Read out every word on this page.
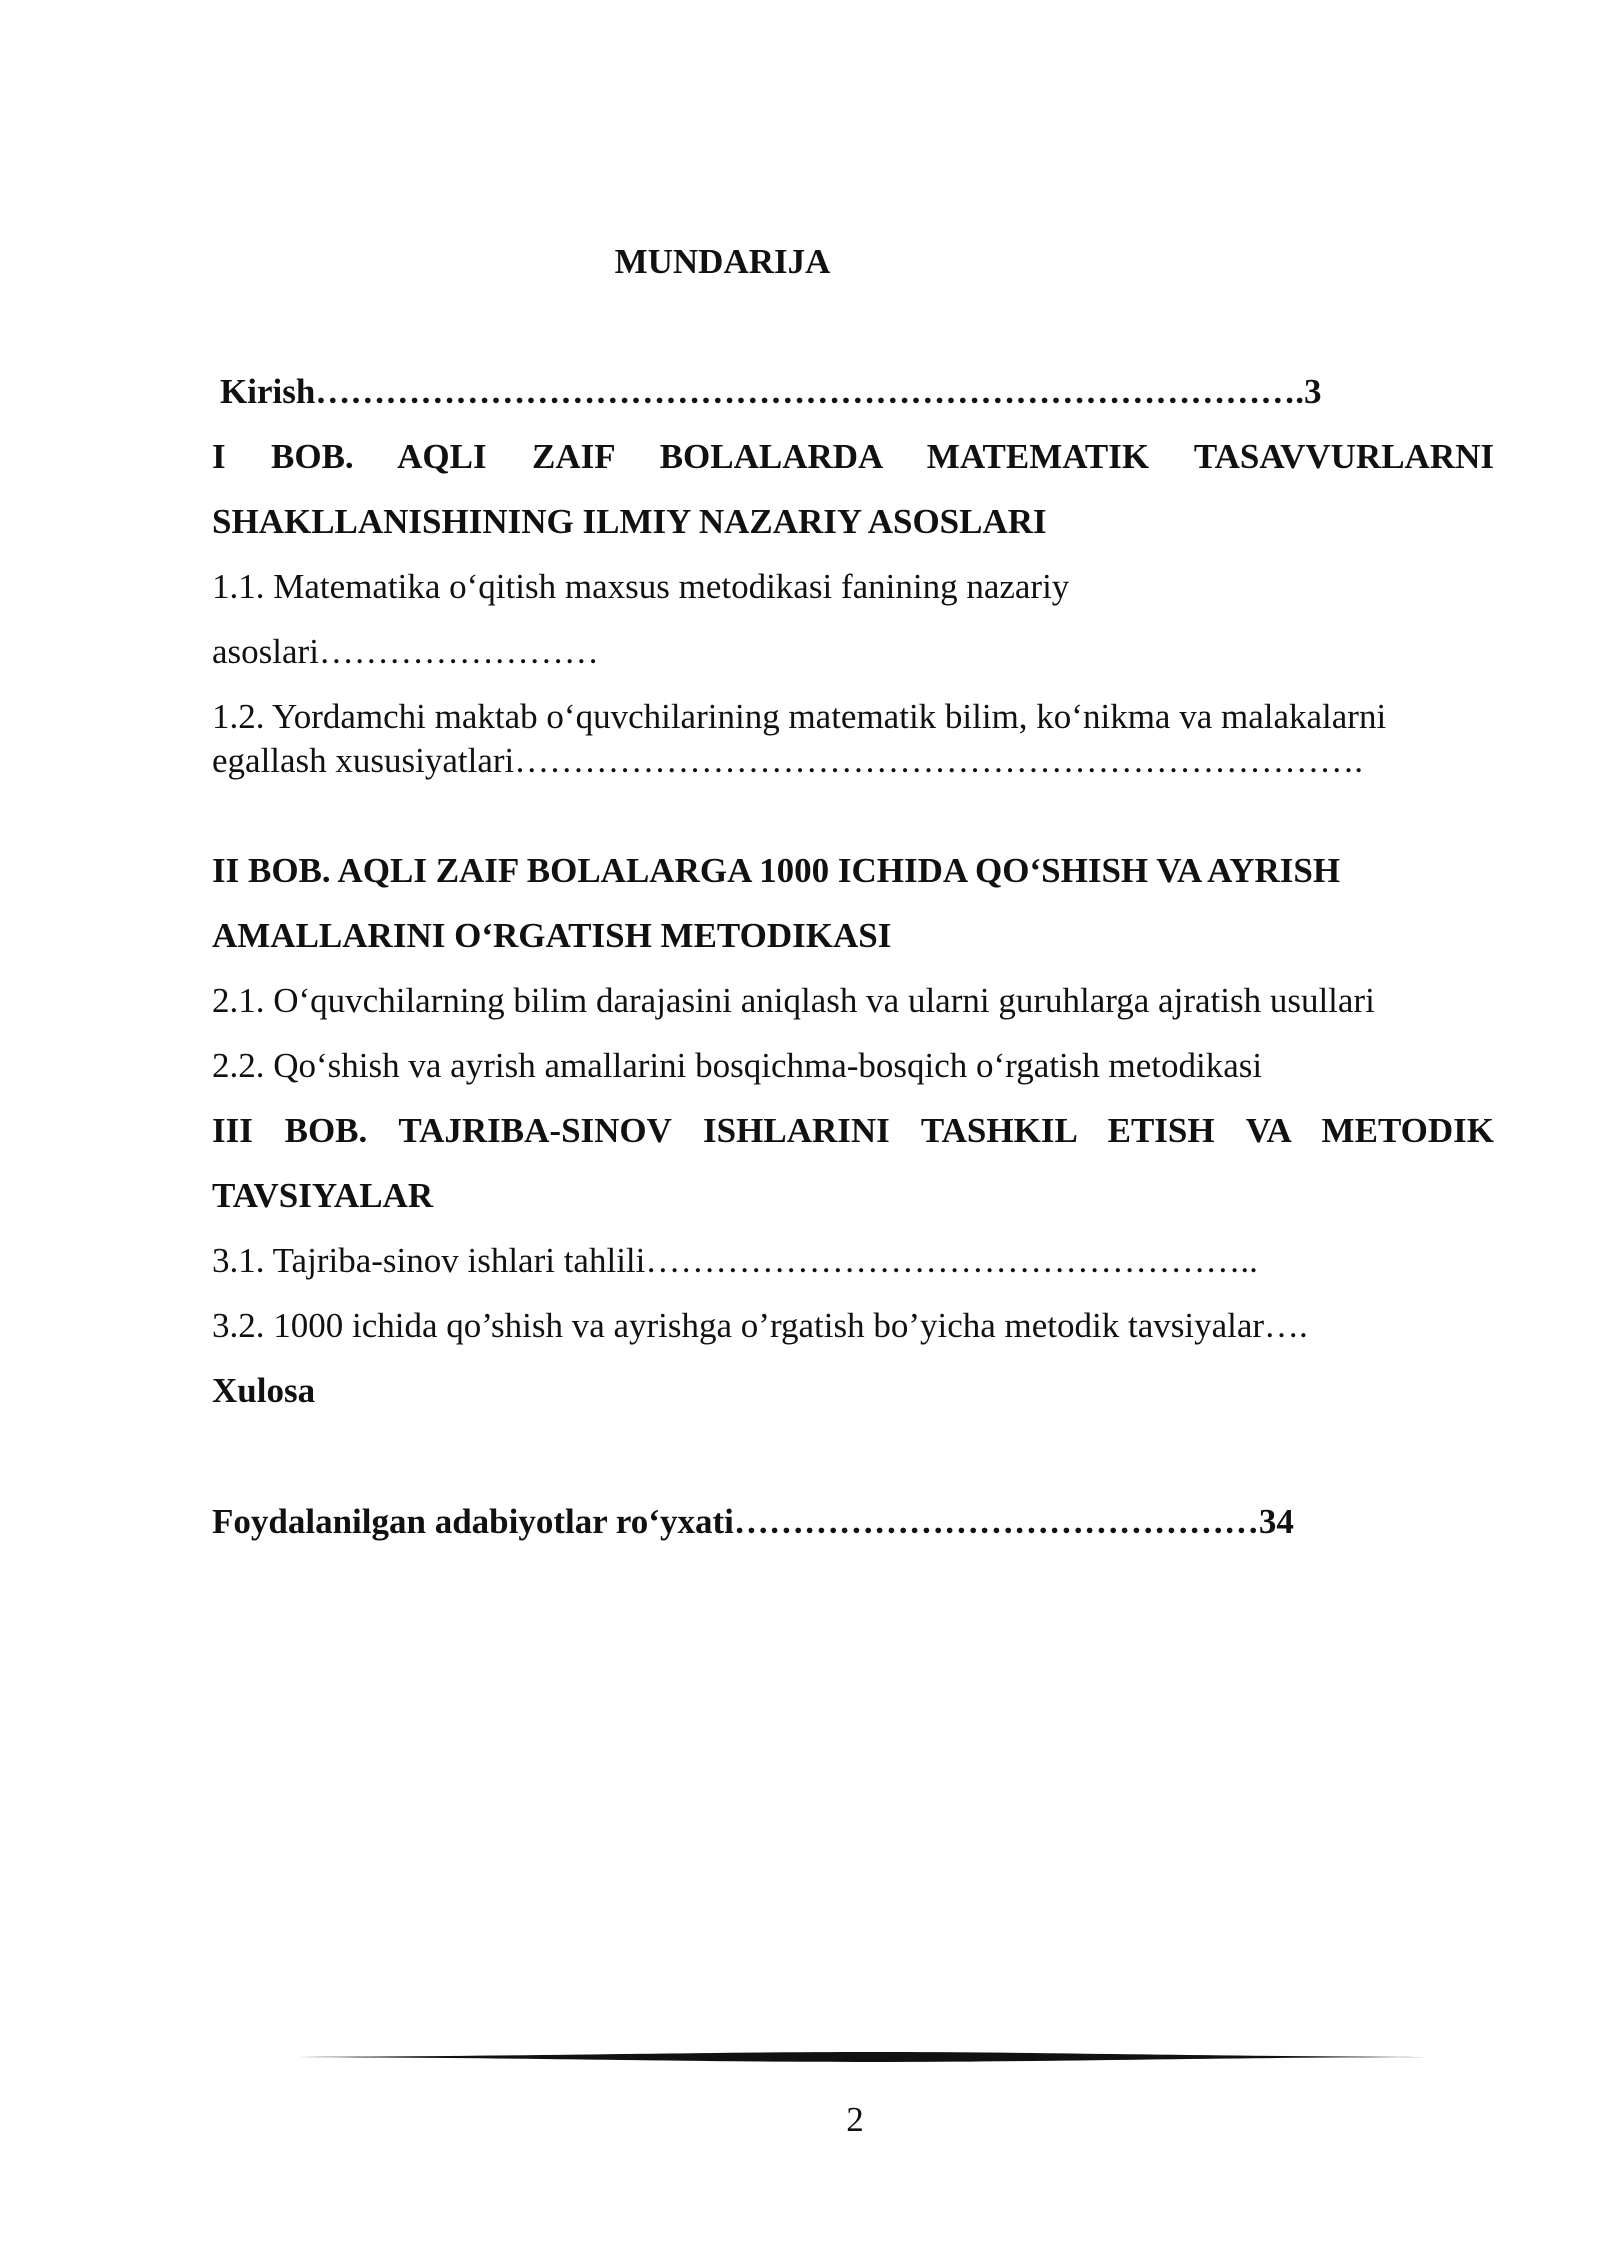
MUNDARIJA
Kirish………………………………………………………………………….3
I BOB. AQLI ZAIF BOLALARDA MATEMATIK TASAVVURLARNI
SHAKLLANISHINING ILMIY NAZARIY ASOSLARI
1.1. Matematika o‘qitish maxsus metodikasi fanining nazariy
asoslari……………………
1.2. Yordamchi maktab o‘quvchilarining matematik bilim, ko‘nikma va malakalarni
egallash xususiyatlari……………………………………………………………….
II BOB. AQLI ZAIF BOLALARGA 1000 ICHIDA QO‘SHISH VA AYRISH
AMALLARINI O‘RGATISH METODIKASI
2.1. O‘quvchilarning bilim darajasini aniqlash va ularni guruhlarga ajratish usullari
2.2. Qo‘shish va ayrish amallarini bosqichma-bosqich o‘rgatish metodikasi
III BOB. TAJRIBA-SINOV ISHLARINI TASHKIL ETISH VA METODIK
TAVSIYALAR
3.1. Tajriba-sinov ishlari tahlili……………………………………………..
3.2. 1000 ichida qo’shish va ayrishga o’rgatish bo’yicha metodik tavsiyalar….
Xulosa
Foydalanilgan adabiyotlar ro‘yxati………………………………………34
2
